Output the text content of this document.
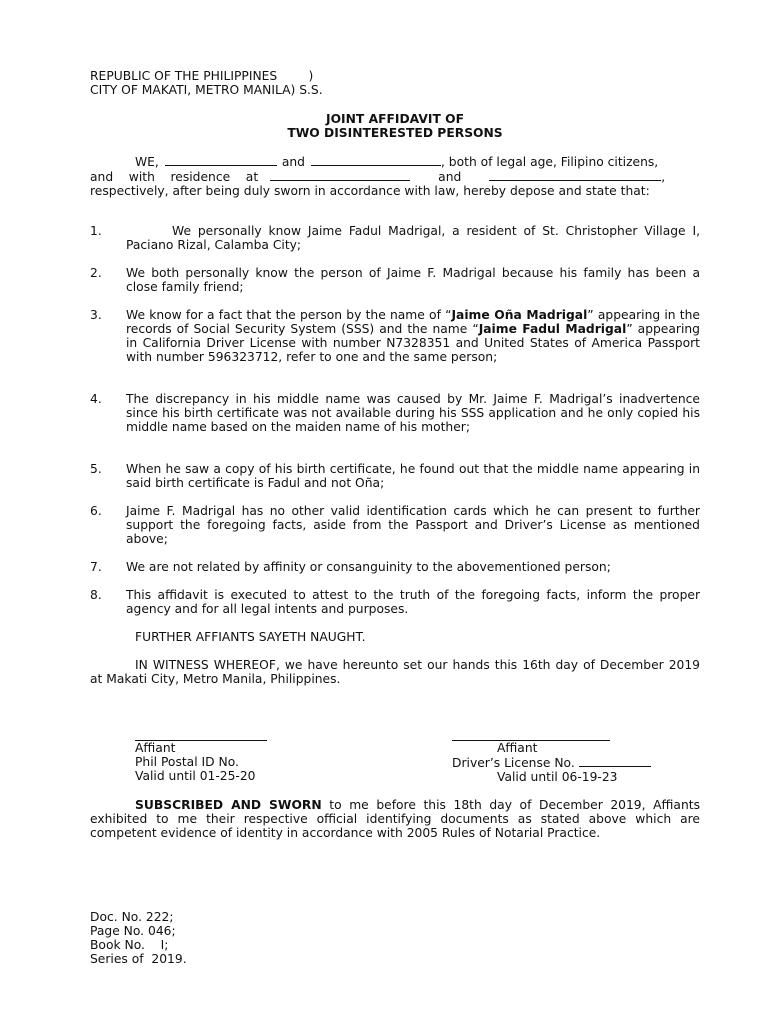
REPUBLIC OF THE PHILIPPINES        )
CITY OF MAKATI, METRO MANILA) S.S.
JOINT AFFIDAVIT OF
TWO DISINTERESTED PERSONS
WE,	and	, both of legal age, Filipino citizens,
and    with    residence    at	and	,
respectively, after being duly sworn in accordance with law, hereby depose and state that:
1.	We personally know Jaime Fadul Madrigal, a resident of St. Christopher Village I, Paciano Rizal, Calamba City;
2. We both personally know the person of Jaime F. Madrigal because his family has been a close family friend;
3. We know for a fact that the person by the name of “Jaime Oña Madrigal” appearing in the records of Social Security System (SSS) and the name “Jaime Fadul Madrigal” appearing in California Driver License with number N7328351 and United States of America Passport with number 596323712, refer to one and the same person;
4. The discrepancy in his middle name was caused by Mr. Jaime F. Madrigal’s inadvertence since his birth certificate was not available during his SSS application and he only copied his middle name based on the maiden name of his mother;
5. When he saw a copy of his birth certificate, he found out that the middle name appearing in said birth certificate is Fadul and not Oña;
6. Jaime F. Madrigal has no other valid identification cards which he can present to further support the foregoing facts, aside from the Passport and Driver’s License as mentioned above;
7. We are not related by affinity or consanguinity to the abovementioned person;
8. This affidavit is executed to attest to the truth of the foregoing facts, inform the proper agency and for all legal intents and purposes.
FURTHER AFFIANTS SAYETH NAUGHT.
IN WITNESS WHEREOF, we have hereunto set our hands this 16th day of December 2019 at Makati City, Metro Manila, Philippines.
Affiant
Phil Postal ID No.
Valid until 01-25-20
Affiant
Driver’s License No.
Valid until 06-19-23
SUBSCRIBED AND SWORN to me before this 18th day of December 2019, Affiants exhibited to me their respective official identifying documents as stated above which are competent evidence of identity in accordance with 2005 Rules of Notarial Practice.
Doc. No. 222;
Page No. 046;
Book No.    I;
Series of  2019.
